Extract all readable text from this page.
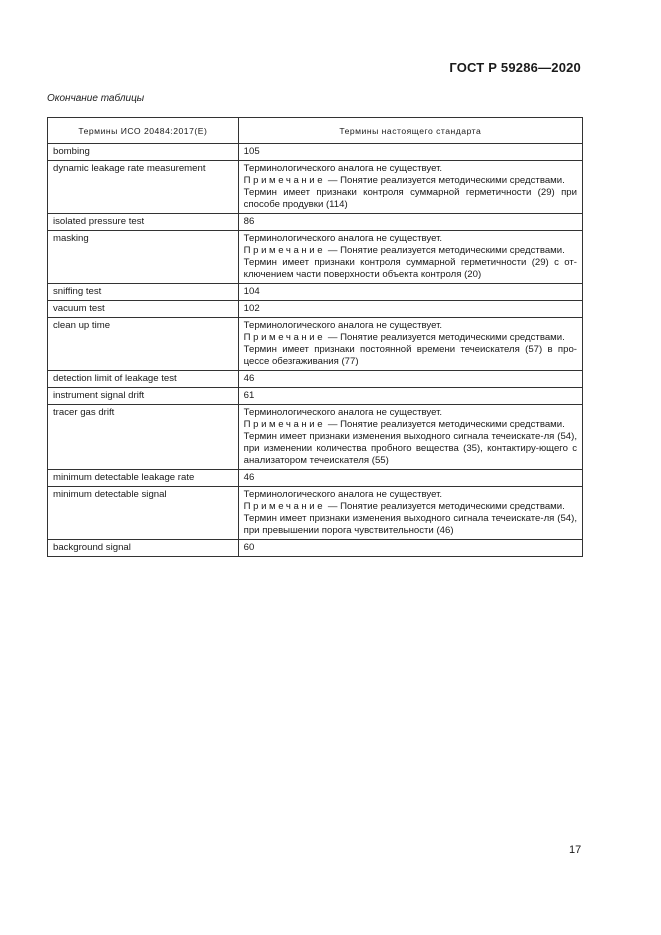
ГОСТ Р 59286—2020
Окончание таблицы
Термины ИСО 20484:2017(E)	Термины настоящего стандарта
bombing	105

dynamic leakage rate measurement	Терминологического аналога не существует.
Примечание — Понятие реализуется методическими средствами.
Термин имеет признаки контроля суммарной герметичности (29) при способе продувки (114)

isolated pressure test	86

masking	Терминологического аналога не существует.
Примечание — Понятие реализуется методическими средствами.
Термин имеет признаки контроля суммарной герметичности (29) с от-ключением части поверхности объекта контроля (20)

sniffing test	104

vacuum test	102

clean up time	Терминологического аналога не существует.
Примечание — Понятие реализуется методическими средствами.
Термин имеет признаки постоянной времени течеискателя (57) в про-цессе обезгаживания (77)

detection limit of leakage test	46

instrument signal drift	61

tracer gas drift	Терминологического аналога не существует.
Примечание — Понятие реализуется методическими средствами.
Термин имеет признаки изменения выходного сигнала течеискате-ля (54), при изменении количества пробного вещества (35), контактиру-ющего с анализатором течеискателя (55)

minimum detectable leakage rate	46

minimum detectable signal	Терминологического аналога не существует.
Примечание — Понятие реализуется методическими средствами.
Термин имеет признаки изменения выходного сигнала течеискате-ля (54), при превышении порога чувствительности (46)

background signal	60
17
